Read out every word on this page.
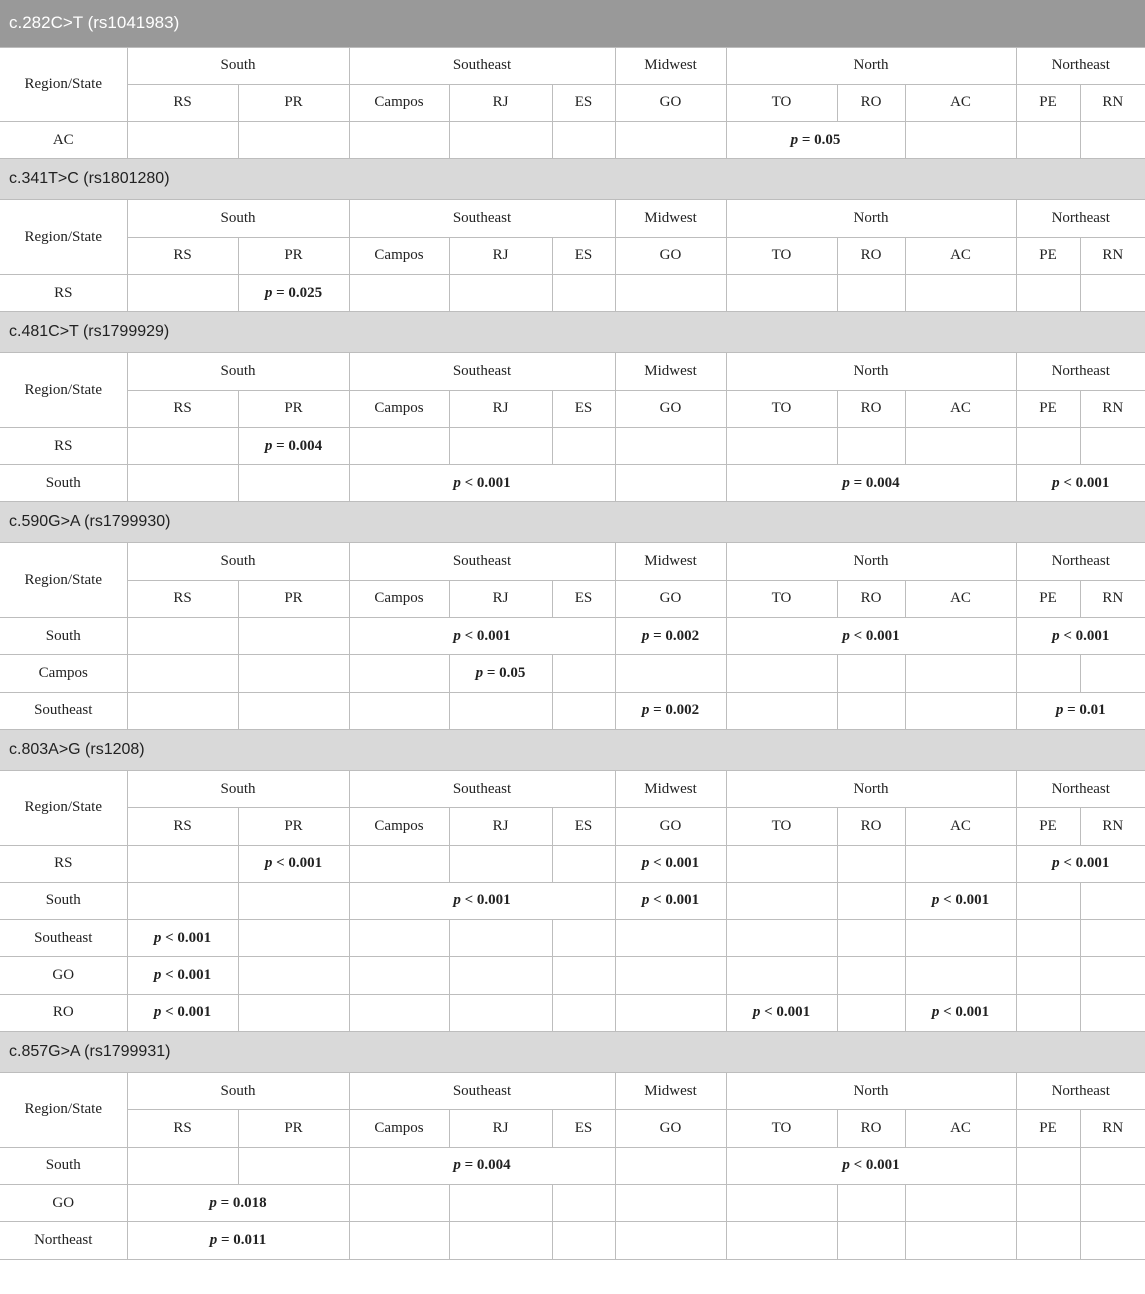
c.282C>T (rs1041983)											
Region/State	South		Southeast			Midwest	North			Northeast	
	RS	PR	Campos	RJ	ES	GO	TO	RO	AC	PE	RN
AC							p = 0.05				
c.341T>C (rs1801280)											
Region/State	South		Southeast			Midwest	North			Northeast	
	RS	PR	Campos	RJ	ES	GO	TO	RO	AC	PE	RN
RS		p = 0.025									
c.481C>T (rs1799929)											
Region/State	South		Southeast			Midwest	North			Northeast	
	RS	PR	Campos	RJ	ES	GO	TO	RO	AC	PE	RN
RS		p = 0.004									
South			p < 0.001				p = 0.004			p < 0.001	
c.590G>A (rs1799930)											
Region/State	South		Southeast			Midwest	North			Northeast	
	RS	PR	Campos	RJ	ES	GO	TO	RO	AC	PE	RN
South			p < 0.001			p = 0.002	p < 0.001			p < 0.001	
Campos				p = 0.05							
Southeast						p = 0.002				p = 0.01	
c.803A>G (rs1208)											
Region/State	South		Southeast			Midwest	North			Northeast	
	RS	PR	Campos	RJ	ES	GO	TO	RO	AC	PE	RN
RS		p < 0.001				p < 0.001				p < 0.001	
South			p < 0.001			p < 0.001			p < 0.001		
Southeast	p < 0.001										
GO	p < 0.001										
RO	p < 0.001						p < 0.001		p < 0.001		
c.857G>A (rs1799931)											
Region/State	South		Southeast			Midwest	North			Northeast	
	RS	PR	Campos	RJ	ES	GO	TO	RO	AC	PE	RN
South			p = 0.004				p < 0.001				
GO	p = 0.018										
Northeast	p = 0.011										
